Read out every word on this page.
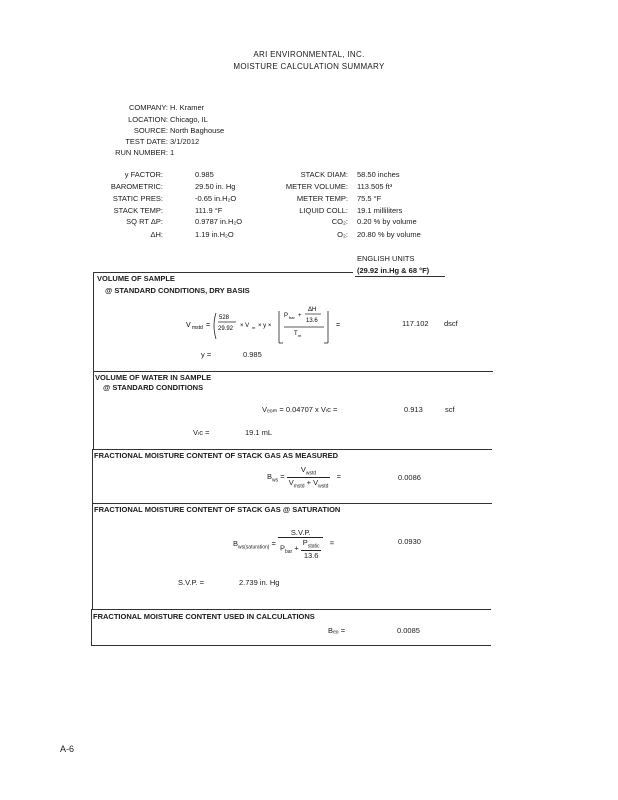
ARI ENVIRONMENTAL, INC.
MOISTURE CALCULATION SUMMARY
COMPANY: H. Kramer
LOCATION: Chicago, IL
SOURCE: North Baghouse
TEST DATE: 3/1/2012
RUN NUMBER: 1
y FACTOR:	0.985
BAROMETRIC:	29.50 in. Hg
STATIC PRES:	-0.65 in.H₂O
STACK TEMP:	111.9 °F
SQ RT ΔP:	0.9787 in.H₂O
ΔH:	1.19 in.H₂O
STACK DIAM: 58.50 inches
METER VOLUME: 113.505 ft³
METER TEMP: 75.5 °F
LIQUID COLL: 19.1 milliliters
CO₂: 0.20 % by volume
O₂: 20.80 % by volume
ENGLISH UNITS
(29.92 in.Hg & 68 °F)
VOLUME OF SAMPLE
@ STANDARD CONDITIONS, DRY BASIS
V mstd =
528
29.92 × V m × y ×
P bar +
ΔH
13.6
T m
=	117.102 dscf
y =	0.985
VOLUME OF WATER IN SAMPLE
@ STANDARD CONDITIONS
Vₑₒₘ = 0.04707 x Vₗc =	0.913	scf
Vₗc =	19.1 mL
FRACTIONAL MOISTURE CONTENT OF STACK GAS AS MEASURED
$B_{ws} = \frac{V_{wstd}}{V_{mstd} + V_{wstd}}$ =	0.0086
FRACTIONAL MOISTURE CONTENT OF STACK GAS @ SATURATION
$B_{ws(saturation)} = \frac{S.V.P.}{P_{bar} + \frac{P_{static}}{13.6}}$ =	0.0930
S.V.P. =	2.739 in. Hg
FRACTIONAL MOISTURE CONTENT USED IN CALCULATIONS
Bₑₒ =	0.0085
A-6
